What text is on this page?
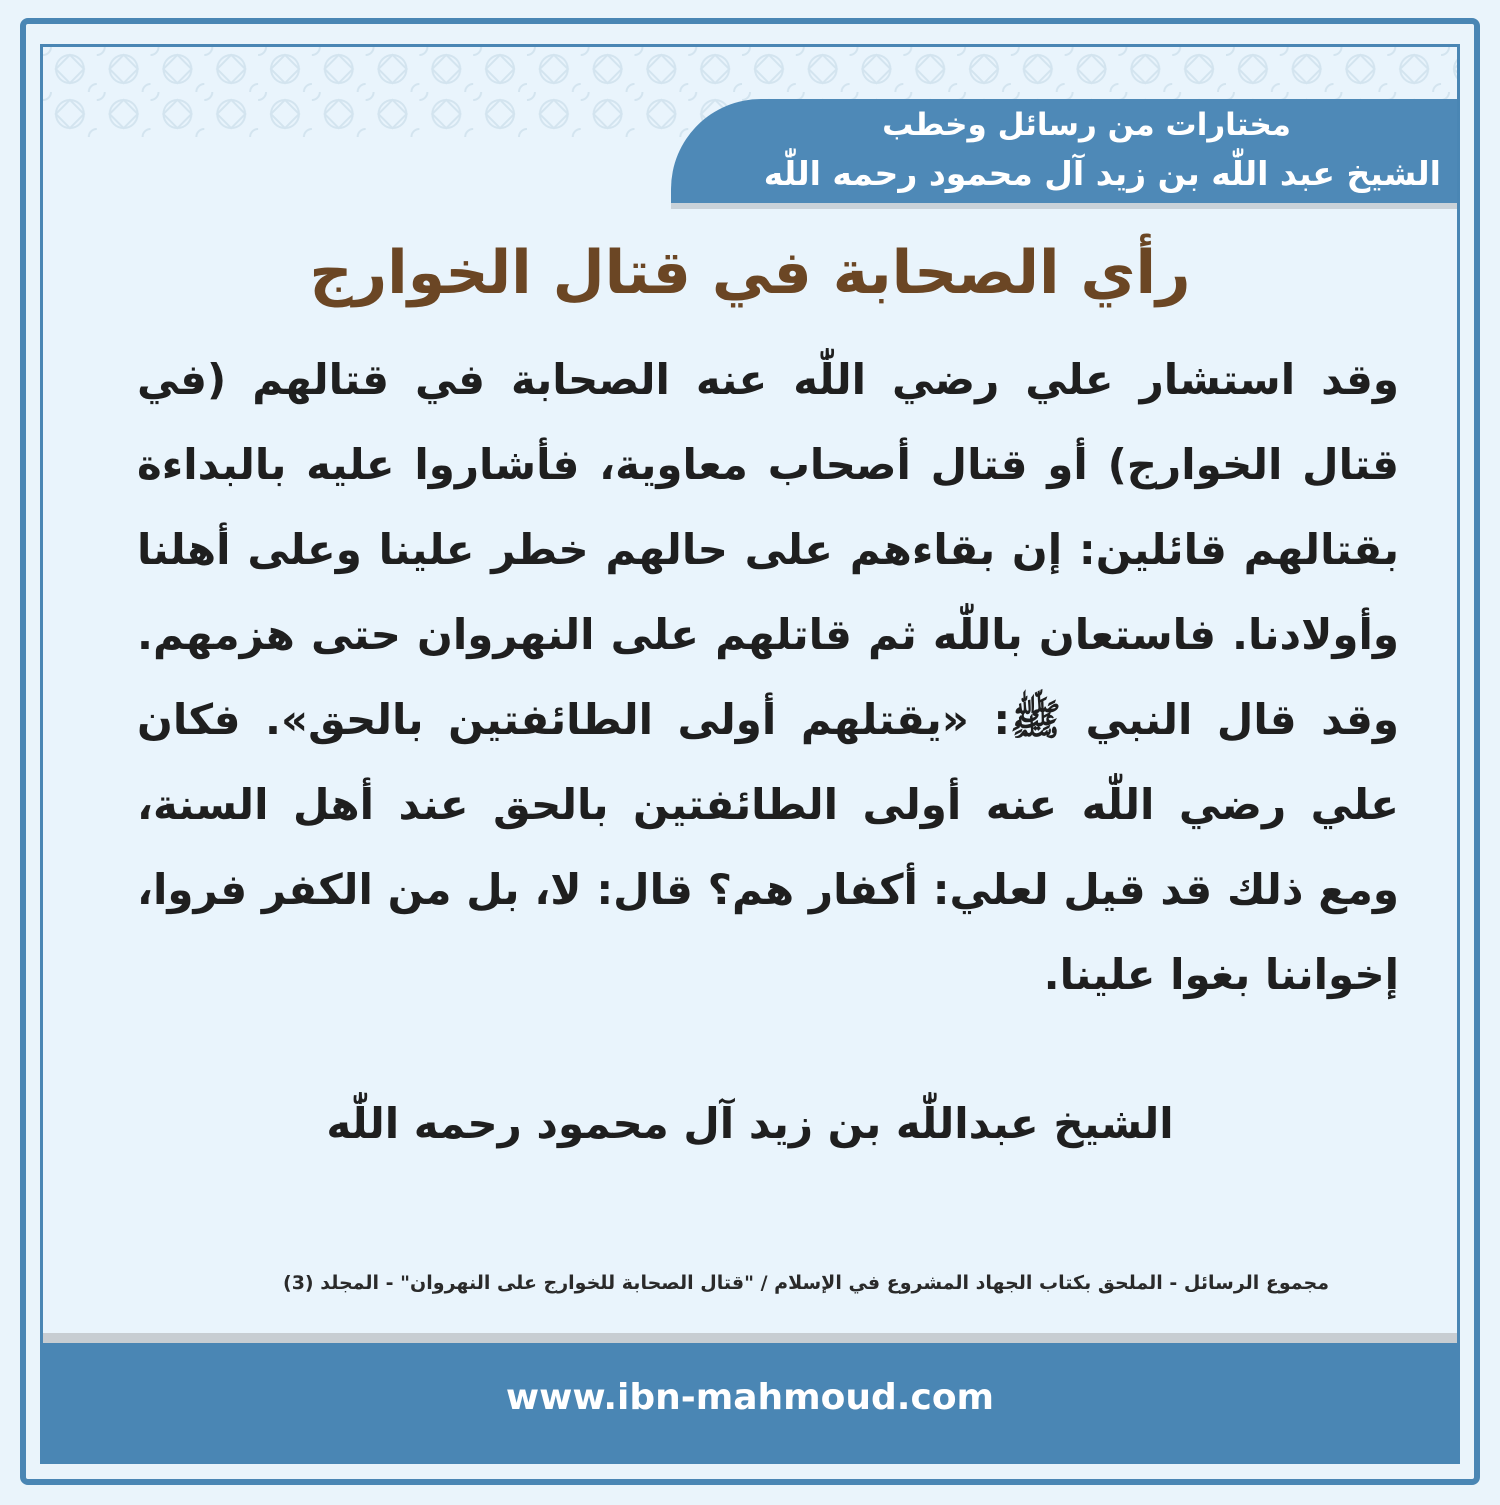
مختارات من رسائل وخطب
الشيخ عبد اللّٰه بن زيد آل محمود رحمه اللّٰه
رأي الصحابة في قتال الخوارج

وقد استشار علي رضي اللّٰه عنه الصحابة في قتالهم (في قتال الخوارج) أو قتال أصحاب معاوية، فأشاروا عليه بالبداءة بقتالهم قائلين: إن بقاءهم على حالهم خطر علينا وعلى أهلنا وأولادنا. فاستعان باللّٰه ثم قاتلهم على النهروان حتى هزمهم. وقد قال النبي ﷺ: «يقتلهم أولى الطائفتين بالحق». فكان علي رضي اللّٰه عنه أولى الطائفتين بالحق عند أهل السنة، ومع ذلك قد قيل لعلي: أكفار هم؟ قال: لا، بل من الكفر فروا، إخواننا بغوا علينا.

الشيخ عبداللّٰه بن زيد آل محمود رحمه اللّٰه

مجموع الرسائل - الملحق بكتاب الجهاد المشروع في الإسلام / "قتال الصحابة للخوارج على النهروان" - المجلد (3)

www.ibn-mahmoud.com
